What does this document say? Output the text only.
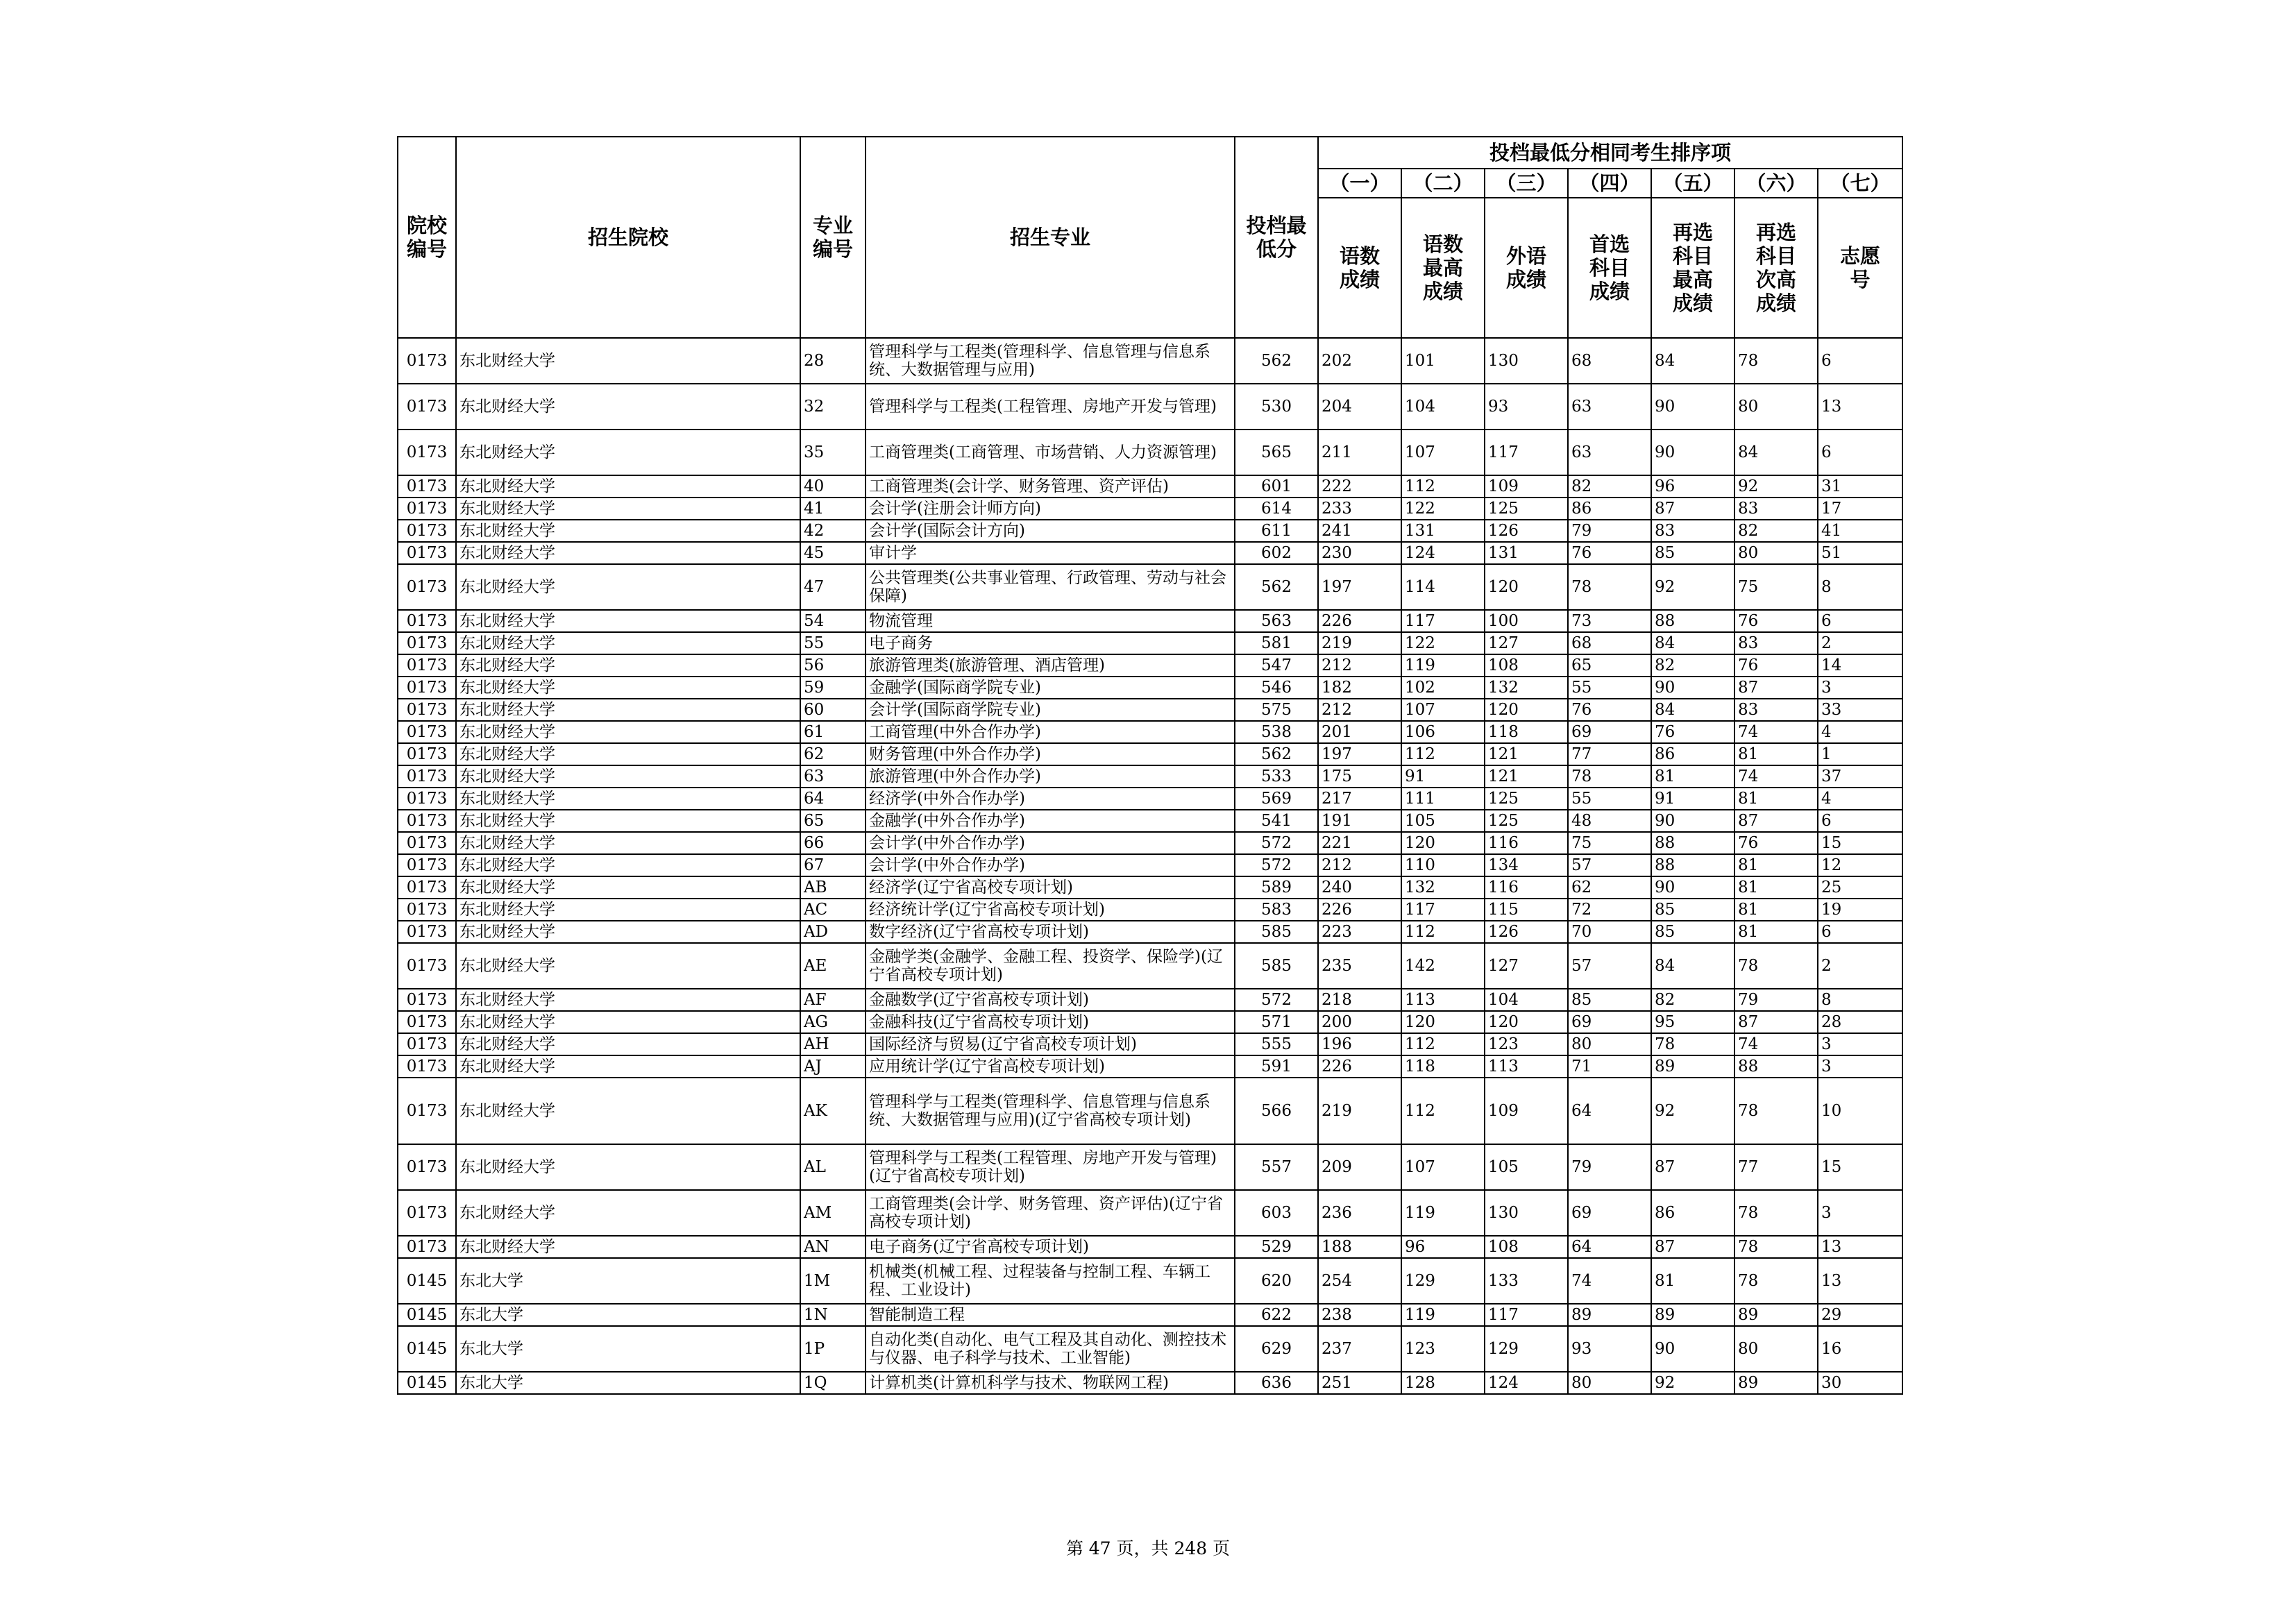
院校编号	招生院校	专业编号	招生专业	投档最低分	投档最低分相同考生排序项						
					（一）	（二）	（三）	（四）	（五）	（六）	（七）
					语数成绩	语数最高成绩	外语成绩	首选科目成绩	再选科目最高成绩	再选科目次高成绩	志愿号
0173	东北财经大学	28	管理科学与工程类(管理科学、信息管理与信息系统、大数据管理与应用)	562	202	101	130	68	84	78	6
0173	东北财经大学	32	管理科学与工程类(工程管理、房地产开发与管理)	530	204	104	93	63	90	80	13
0173	东北财经大学	35	工商管理类(工商管理、市场营销、人力资源管理)	565	211	107	117	63	90	84	6
0173	东北财经大学	40	工商管理类(会计学、财务管理、资产评估)	601	222	112	109	82	96	92	31
0173	东北财经大学	41	会计学(注册会计师方向)	614	233	122	125	86	87	83	17
0173	东北财经大学	42	会计学(国际会计方向)	611	241	131	126	79	83	82	41
0173	东北财经大学	45	审计学	602	230	124	131	76	85	80	51
0173	东北财经大学	47	公共管理类(公共事业管理、行政管理、劳动与社会保障)	562	197	114	120	78	92	75	8
0173	东北财经大学	54	物流管理	563	226	117	100	73	88	76	6
0173	东北财经大学	55	电子商务	581	219	122	127	68	84	83	2
0173	东北财经大学	56	旅游管理类(旅游管理、酒店管理)	547	212	119	108	65	82	76	14
0173	东北财经大学	59	金融学(国际商学院专业)	546	182	102	132	55	90	87	3
0173	东北财经大学	60	会计学(国际商学院专业)	575	212	107	120	76	84	83	33
0173	东北财经大学	61	工商管理(中外合作办学)	538	201	106	118	69	76	74	4
0173	东北财经大学	62	财务管理(中外合作办学)	562	197	112	121	77	86	81	1
0173	东北财经大学	63	旅游管理(中外合作办学)	533	175	91	121	78	81	74	37
0173	东北财经大学	64	经济学(中外合作办学)	569	217	111	125	55	91	81	4
0173	东北财经大学	65	金融学(中外合作办学)	541	191	105	125	48	90	87	6
0173	东北财经大学	66	会计学(中外合作办学)	572	221	120	116	75	88	76	15
0173	东北财经大学	67	会计学(中外合作办学)	572	212	110	134	57	88	81	12
0173	东北财经大学	AB	经济学(辽宁省高校专项计划)	589	240	132	116	62	90	81	25
0173	东北财经大学	AC	经济统计学(辽宁省高校专项计划)	583	226	117	115	72	85	81	19
0173	东北财经大学	AD	数字经济(辽宁省高校专项计划)	585	223	112	126	70	85	81	6
0173	东北财经大学	AE	金融学类(金融学、金融工程、投资学、保险学)(辽宁省高校专项计划)	585	235	142	127	57	84	78	2
0173	东北财经大学	AF	金融数学(辽宁省高校专项计划)	572	218	113	104	85	82	79	8
0173	东北财经大学	AG	金融科技(辽宁省高校专项计划)	571	200	120	120	69	95	87	28
0173	东北财经大学	AH	国际经济与贸易(辽宁省高校专项计划)	555	196	112	123	80	78	74	3
0173	东北财经大学	AJ	应用统计学(辽宁省高校专项计划)	591	226	118	113	71	89	88	3
0173	东北财经大学	AK	管理科学与工程类(管理科学、信息管理与信息系统、大数据管理与应用)(辽宁省高校专项计划)	566	219	112	109	64	92	78	10
0173	东北财经大学	AL	管理科学与工程类(工程管理、房地产开发与管理)(辽宁省高校专项计划)	557	209	107	105	79	87	77	15
0173	东北财经大学	AM	工商管理类(会计学、财务管理、资产评估)(辽宁省高校专项计划)	603	236	119	130	69	86	78	3
0173	东北财经大学	AN	电子商务(辽宁省高校专项计划)	529	188	96	108	64	87	78	13
0145	东北大学	1M	机械类(机械工程、过程装备与控制工程、车辆工程、工业设计)	620	254	129	133	74	81	78	13
0145	东北大学	1N	智能制造工程	622	238	119	117	89	89	89	29
0145	东北大学	1P	自动化类(自动化、电气工程及其自动化、测控技术与仪器、电子科学与技术、工业智能)	629	237	123	129	93	90	80	16
0145	东北大学	1Q	计算机类(计算机科学与技术、物联网工程)	636	251	128	124	80	92	89	30
第 47 页，共 248 页
